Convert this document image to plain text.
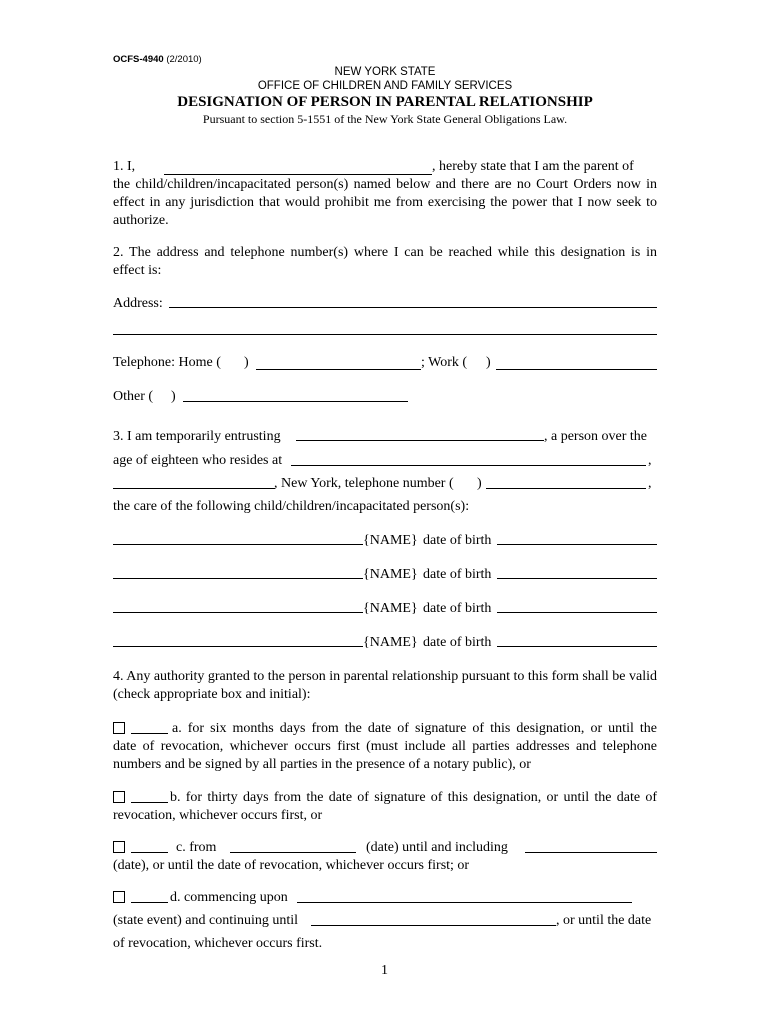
OCFS-4940 (2/2010)
NEW YORK STATE
OFFICE OF CHILDREN AND FAMILY SERVICES
DESIGNATION OF PERSON IN PARENTAL RELATIONSHIP
Pursuant to section 5-1551 of the New York State General Obligations Law.
1. I,	, hereby state that I am the parent of
the child/children/incapacitated person(s) named below and there are no Court Orders now in effect in any jurisdiction that would prohibit me from exercising the power that I now seek to authorize.
2. The address and telephone number(s) where I can be reached while this designation is in effect is:
Address:
Telephone: Home ( )	; Work ( )
Other ( )
3. I am temporarily entrusting	, a person over the
age of eighteen who resides at	,
, New York, telephone number ( )	,
the care of the following child/children/incapacitated person(s):
{NAME} date of birth
{NAME} date of birth
{NAME} date of birth
{NAME} date of birth
4. Any authority granted to the person in parental relationship pursuant to this form shall be valid (check appropriate box and initial):
a. for six months days from the date of signature of this designation, or until the
date of revocation, whichever occurs first (must include all parties addresses and telephone numbers and be signed by all parties in the presence of a notary public), or
b. for thirty days from the date of signature of this designation, or until the date of
revocation, whichever occurs first, or
c. from	(date) until and including
(date), or until the date of revocation, whichever occurs first; or
d. commencing upon
(state event) and continuing until	, or until the date
of revocation, whichever occurs first.
1
